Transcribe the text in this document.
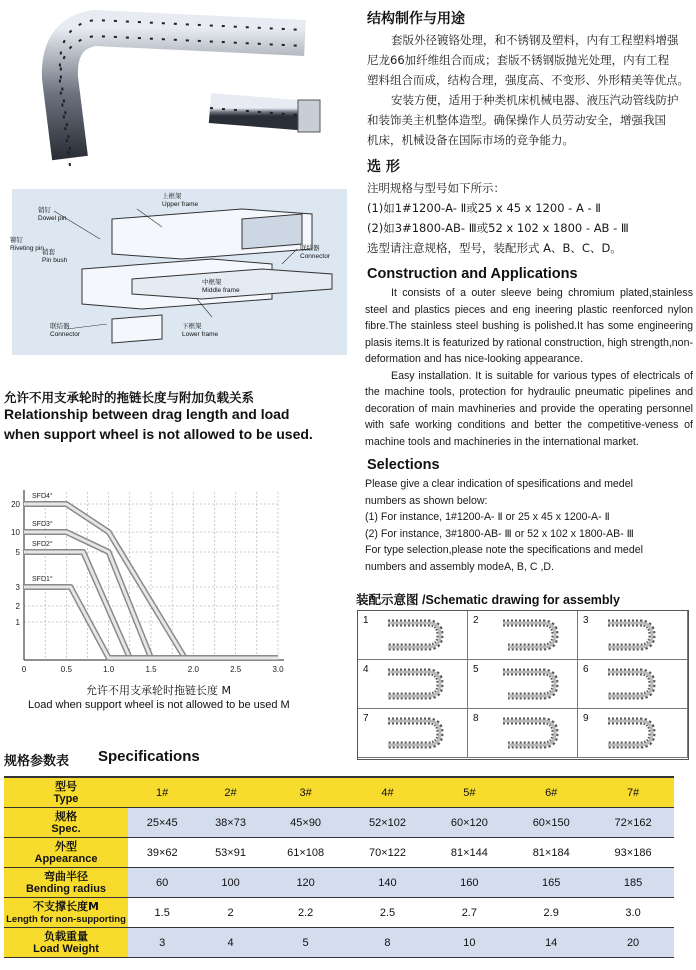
上框架
Upper frame
销钉
Dowel pin
铆钉
Riveting pin
销套
Pin bush
联结器
Connector
中框架
Middle frame
联结器
Connector
下框架
Lower frame
结构制作与用途

套版外径镀铬处理，和不锈钢及塑料，内有工程塑料增强

尼龙66加纤维组合而成；套版不锈钢版抛光处理，内有工程

塑料组合而成，结构合理，强度高、不变形、外形精美等优点。

安装方便，适用于种类机床机械电器、液压汽动管线防护

和装饰美主机整体造型。确保操作人员劳动安全，增强我国

机床，机械设备在国际市场的竞争能力。

选 形

注明规格与型号如下所示：

(1)如1#1200-A- Ⅱ或25 x 45 x 1200 - A - Ⅱ

(2)如3#1800-AB- Ⅲ或52 x 102 x 1800 - AB - Ⅲ

选型请注意规格，型号，装配形式 A、B、C、D。

Construction and Applications

It consists of a outer sleeve being chromium plated,stainless steel and plastics pieces and eng ineering plastic reenforced nylon fibre.The stainless steel bushing is polished.It has some engineering plasis items.It is featurized by rational construction, high strength,non-deformation and has nice-looking appearance.

Easy installation. It is suitable for various types of electricals of the machine tools, protection for hydraulic pneumatic pipelines and decoration of main mavhineries and provide the operating personnel with safe working conditions and better the competitive-veness of machine tools and machineries in the international market.

Selections

Please give a clear indication of spesifications and medel

numbers as shown below:

(1) For instance, 1#1200-A- Ⅱ or 25 x 45 x 1200-A- Ⅱ

(2) For instance, 3#1800-AB- Ⅲ or 52 x 102 x 1800-AB- Ⅲ

For type selection,please note the specifications and medel

numbers and assembly modeA, B, C ,D.

允许不用支承轮时的拖链长度与附加负载关系
Relationship between drag length and load
when support wheel is not allowed to be used.
SFD4°
SFD3°
SFD2°
SFD1°
20
10
5
3
2
1
0	0.5	1.0	1.5	2.0	2.5	3.0
允许不用支承轮时拖链长度 M
Load when support wheel is not allowed to be used M
装配示意图 /Schematic drawing for assembly
1	2	3
4	5	6
7	8	9
规格参数表 Specifications
型号
Type	1#	2#	3#	4#	5#	6#	7#

规格
Spec.	25×45	38×73	45×90	52×102	60×120	60×150	72×162

外型
Appearance	39×62	53×91	61×108	70×122	81×144	81×184	93×186

弯曲半径
Bending radius	60	100	120	140	160	165	185

不支撑长度M
Length for non-supporting	1.5	2	2.2	2.5	2.7	2.9	3.0

负载重量
Load Weight	3	4	5	8	10	14	20
